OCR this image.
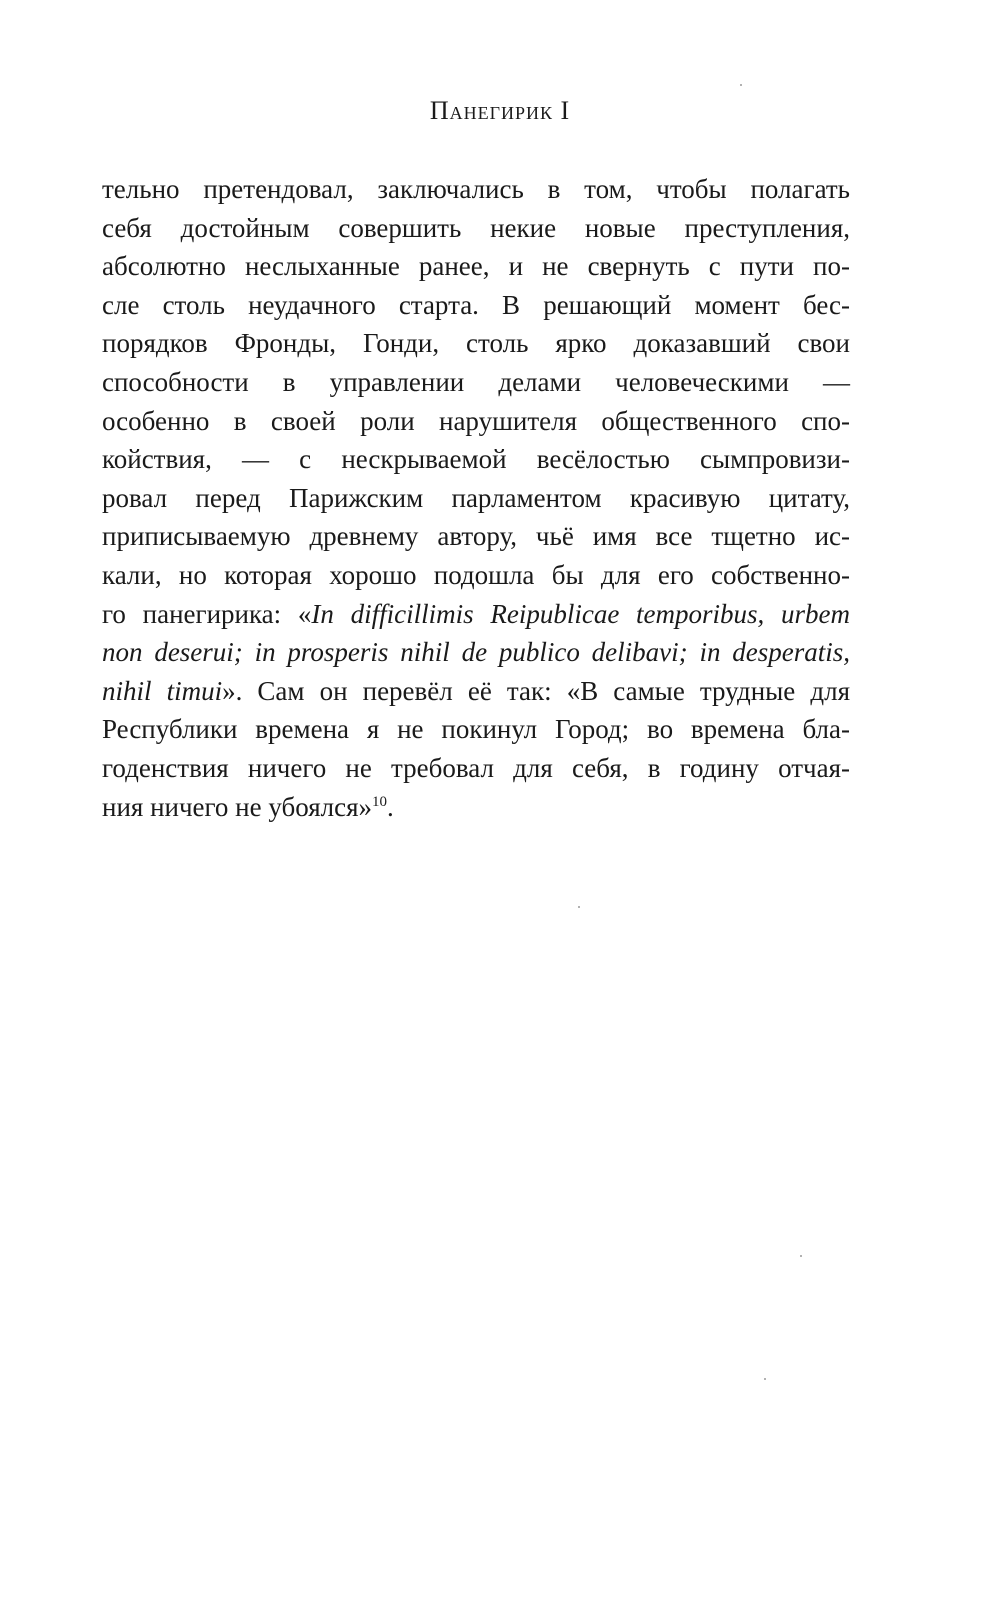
Панегирик I
тельно претендовал, заключались в том, чтобы полагать
себя достойным совершить некие новые преступления,
абсолютно неслыханные ранее, и не свернуть с пути по-
сле столь неудачного старта. В решающий момент бес-
порядков Фронды, Гонди, столь ярко доказавший свои
способности в управлении делами человеческими —
особенно в своей роли нарушителя общественного спо-
койствия, — с нескрываемой весёлостью сымпровизи-
ровал перед Парижским парламентом красивую цитату,
приписываемую древнему автору, чьё имя все тщетно ис-
кали, но которая хорошо подошла бы для его собственно-
го панегирика: «In difficillimis Reipublicae temporibus, urbem
non deserui; in prosperis nihil de publico delibavi; in desperatis,
nihil timui». Сам он перевёл её так: «В самые трудные для
Республики времена я не покинул Город; во времена бла-
годенствия ничего не требовал для себя, в годину отчая-
ния ничего не убоялся»$^{10}$.
